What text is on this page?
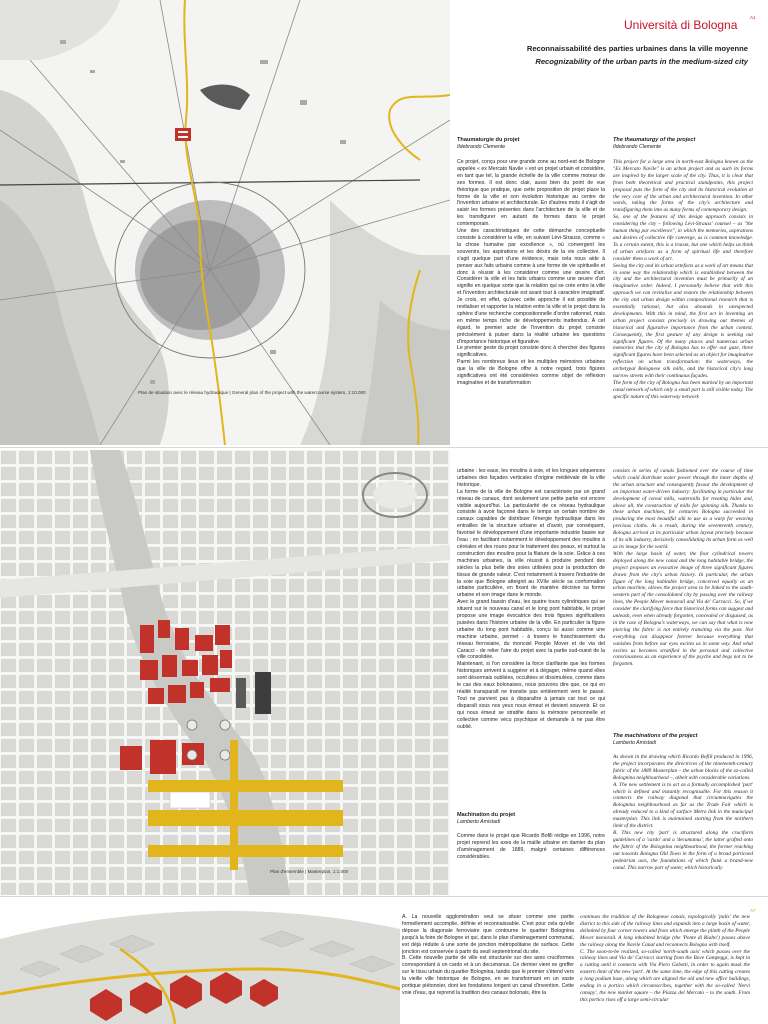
Università di Bologna
A1
Reconnaissabilité des parties urbaines dans la ville moyenne
Recognizability of the urban parts in the medium-sized city
Plan de situation avec le réseau hydraulique | General plan of the project with the watercourse system, 1:10.000
Thaumaturgie du projet
Ildebrando Clemente
Ce projet, conçu pour une grande zone au nord-est de Bologne appelée « ex Mercato Navile » est un projet urbain et considère, en tant que tel, la grande échelle de la ville comme moteur de ses formes. Il est donc clair, aussi bien du point de vue théorique que pratique, que cette proposition de projet place la forme de la ville et son évolution historique au centre de l'invention urbaine et architecturale. En d'autres mots il s'agit de saisir les formes présentes dans l'architecture de la ville et de les transfigurer en autant de formes dans le projet contemporain.
Une des caractéristiques de cette démarche conceptuelle consiste à considérer la ville, en suivant Lévi-Strauss, comme « la chose humaine par excellence », où convergent les souvenirs, les aspirations et les désirs de la vie collective. Il s'agit quelque part d'une évidence, mais cela nous aide à penser aux faits urbains comme à une forme de vie spirituelle et donc à réussir à les considérer comme une œuvre d'art. Considérer la ville et les faits urbains comme une œuvre d'art signifie en quelque sorte que la relation qui se crée entre la ville et l'invention architecturale est avant tout à caractère imaginatif. Je crois, en effet, qu'avec cette approche il est possible de revitaliser et rapporter la relation entre la ville et le projet dans la sphère d'une recherche compositionnelle d'ordre rationnel, mais en même temps riche de développements inattendus. À cet égard, le premier acte de l'invention du projet consiste précisément à puiser dans la réalité urbaine les questions d'importance historique et figurative.
Le premier geste du projet consiste donc à chercher des figures significatives.
Parmi les nombreux lieux et les multiples mémoires urbaines que la ville de Bologne offre à notre regard, trois figures significatives ont été considérées comme objet de réflexion imaginative et de transformation
The thaumaturgy of the project
Ildebrando Clemente
This project for a large area in north-east Bologna known as the "Ex Mercato Navile" is an urban project and as such its forms are inspired by the larger scale of the city. Thus, it is clear that from both theoretical and practical standpoints, this project proposal puts the form of the city and its historical evolution at the very core of the urban and architectural invention. In other words, taking the forms of the city's architecture and transfiguring them into as many forms of contemporary design.
So, one of the features of this design approach consists in considering the city – following Lévi-Strauss' counsel – as "the human thing par excellence", in which the memories, aspirations and desires of collective life converge, as is common knowledge. To a certain extent, this is a truism, but one which helps us think of urban artefacts as a form of spiritual life and therefore consider them a work of art.
Seeing the city and its urban artefacts as a work of art means that in some way the relationship which is established between the city and the architectural invention must be primarily of an imaginative order. Indeed, I personally believe that with this approach we can revitalise and restore the relationship between the city and urban design within compositional research that is essentially rational, but also abounds in unexpected developments. With this in mind, the first act in inventing an urban project consists precisely in drawing out themes of historical and figurative importance from the urban context. Consequently, the first gesture of any design is seeking out significant figures. Of the many places and numerous urban memories that the city of Bologna has to offer our gaze, three significant figures have been selected as an object for imaginative reflection on urban transformation: the waterways, the archetypal Bolognese silk mills, and the historical city's long narrow streets with their continuous façades.
The form of the city of Bologna has been marked by an important canal network of which only a small part is still visible today. The specific nature of this waterway network
Plan d'ensemble | Masterplan, 1:1.000
urbaine : les eaux, les moulins à soie, et les longues séquences urbaines des façades verticales d'origine médiévale de la ville historique.
La forme de la ville de Bologne est caractérisée par un grand réseau de canaux, dont seulement une petite partie est encore visible aujourd'hui. La particularité de ce réseau hydraulique consiste à avoir façonné dans le temps un certain nombre de canaux capables de distribuer l'énergie hydraulique dans les entrailles de la structure urbaine et d'avoir, par conséquent, favorisé le développement d'une importante industrie basée sur l'eau ; en facilitant notamment le développement des moulins à céréales et des roues pour le traitement des peaux, et surtout la construction des moulins pour la filature de la soie. Grâce à ces machines urbaines, la ville réussit à produire pendant des siècles la plus belle des soies utilisées pour la production de tissus de grande valeur. C'est notamment à travers l'industrie de la soie que Bologne atteignit au XVIIe siècle sa conformation urbaine particulière, en fixant de manière décisive sa forme urbaine et son image dans le monde.
Avec le grand bassin d'eau, les quatre tours cylindriques qui se situent sur le nouveau canal et le long pont habitable, le projet propose une image évocatrice des trois figures significatives puisées dans l'histoire urbaine de la ville. En particulier la figure urbaine du long pont habitable, conçu lui aussi comme une machine urbaine, permet - à travers le franchissement du réseau ferroviaire, du moncœl People Mover et de via del Caracci - de relier l'aire du projet avec la partie sud-ouest de la ville consolidée.
Maintenant, si l'on considère la force clarifiante que les formes historiques arrivent à suggérer et à dégager, même quand elles sont désormais oubliées, occultées et dissimulées, comme dans le cas des eaux bolonaises, nous pouvons dire que, ce qui en réalité transparaît ne transite pas entièrement vers le passé. Tout ne parvient pas à disparaître à jamais car tout ce qui disparaît sous nos yeux nous émeut et devient souvenir. Et ce qui nous émeut se stratifie dans la mémoire personnelle et collective comme vécu psychique et demande à ne pas être oublié.
Machination du projet
Lamberto Amistadi
Comme dans le projet que Ricardo Bofill rédige en 1996, notre projet reprend les axes de la maille urbaine en damier du plan d'aménagement de 1889, malgré certaines différences considérables.
consists in series of canals fashioned over the course of time which could distribute water power through the inner depths of the urban structure and consequently favour the development of an important water-driven industry: facilitating in particular the development of cereal mills, watermills for treating hides and, above all, the construction of mills for spinning silk. Thanks to these urban machines, for centuries Bologna succeeded in producing the most beautiful silk to use as a warp for weaving precious cloths. As a result, during the seventeenth century, Bologna arrived at its particular urban layout precisely because of its silk industry, decisively consolidating its urban form as well as its image for the world.
With the large basin of water, the four cylindrical towers deployed along the new canal and the long habitable bridge, the project proposes an evocative image of three significant figures drawn from the city's urban history. In particular, the urban figure of the long habitable bridge, conceived equally as an urban machine, allows the project area to be linked to the south-western part of the consolidated city by passing over the railway lines, the People Mover monorail and Via de' Carracci. So, if we consider the clarifying force that historical forms can suggest and unleash, even when already forgotten, concealed or disguised, as in the case of Bologna's waterways, we can say that what is now piercing the fabric is not entirely transiting via the past. Not everything can disappear forever because everything that vanishes from before our eyes excites us in some way. And what excites us becomes stratified in the personal and collective consciousness as an experience of the psyche and begs not to be forgotten.
The machinations of the project
Lamberto Amistadi
As shown in the drawing which Ricardo Bofill produced in 1996, the project incorporates the directrices of the nineteenth-century fabric of the 1889 Masterplan – the urban blocks of the so-called Bolognina neighbourhood –, albeit with considerable variations.
A. The new settlement is to act as a formally accomplished 'part' which is defined and instantly recognisable. For this reason it connects the railway diagonal that circumnavigates the Bolognina neighbourhood as far as the Trade Fair which is already reduced to a kind of surface Metro link in the municipal masterplan. This link is maintained starting from the northern limit of the district.
B. This new city 'part' is structured along the cruciform guidelines of a 'cardo' and a 'decumanus', the latter grafted onto the fabric of the Bolognina neighbourhood, the former reaching out towards Bologna Old Town in the form of a broad porticoed pedestrian axis, the foundations of which flank a brand-new canal. This narrow part of water, which historically
A7
A. La nouvelle agglomération veut se situer comme une partie formellement accomplie, définie et reconnaissable. C'est pour cela qu'elle dépose la diagonale ferroviaire que contourne le quartier Bolognina jusqu'à la foire de Bologne et qui, dans le plan d'aménagement communal, est déjà réduite à une sorte de jonction métropolitaine de surface. Cette jonction est conservée à partir du seuil septentrional du site.
B. Cette nouvelle partie de ville est structurée sur des axes cruciformes correspondant à un cardo et à un decumanus. Ce dernier vient se greffer sur le tissu urbain du quartier Bolognina, tandis que le premier s'étend vers la vieille ville historique de Bologne, en se transformant en un vaste portique piétonnier, dont les fondations longent un canal d'invention. Cette voie d'eau, qui reprend la tradition des canaux bolonais, être la
continues the tradition of the Bolognese canals, topologically 'pulls' the new district to this side of the railway lines and expands into a large basin of water, delimited by four corner towers and from which emerge the plinth of the People Mover monorail. A long inhabited bridge (the 'Ponte di Rialto') passes above the railway along the Navile Canal and reconnects Bologna with itself.
C. The soon-to-be realized, so-called 'north-south axis' which passes over the railway lines and Via de' Carracci starting from the Bove Campeggi, is kept in a cutting until it connects with Via Piero Gobetti, in order to again mask the eastern limit of the new 'part'. At the same time, the edge of this cutting creates a long podium base, along which are aligned the old and new office buildings, ending in a portico which circumscribes, together with the so-called 'Nervi canopy', the new market square – the Piazza del Mercato – to the south. From this portico rises off a large semi-circular
